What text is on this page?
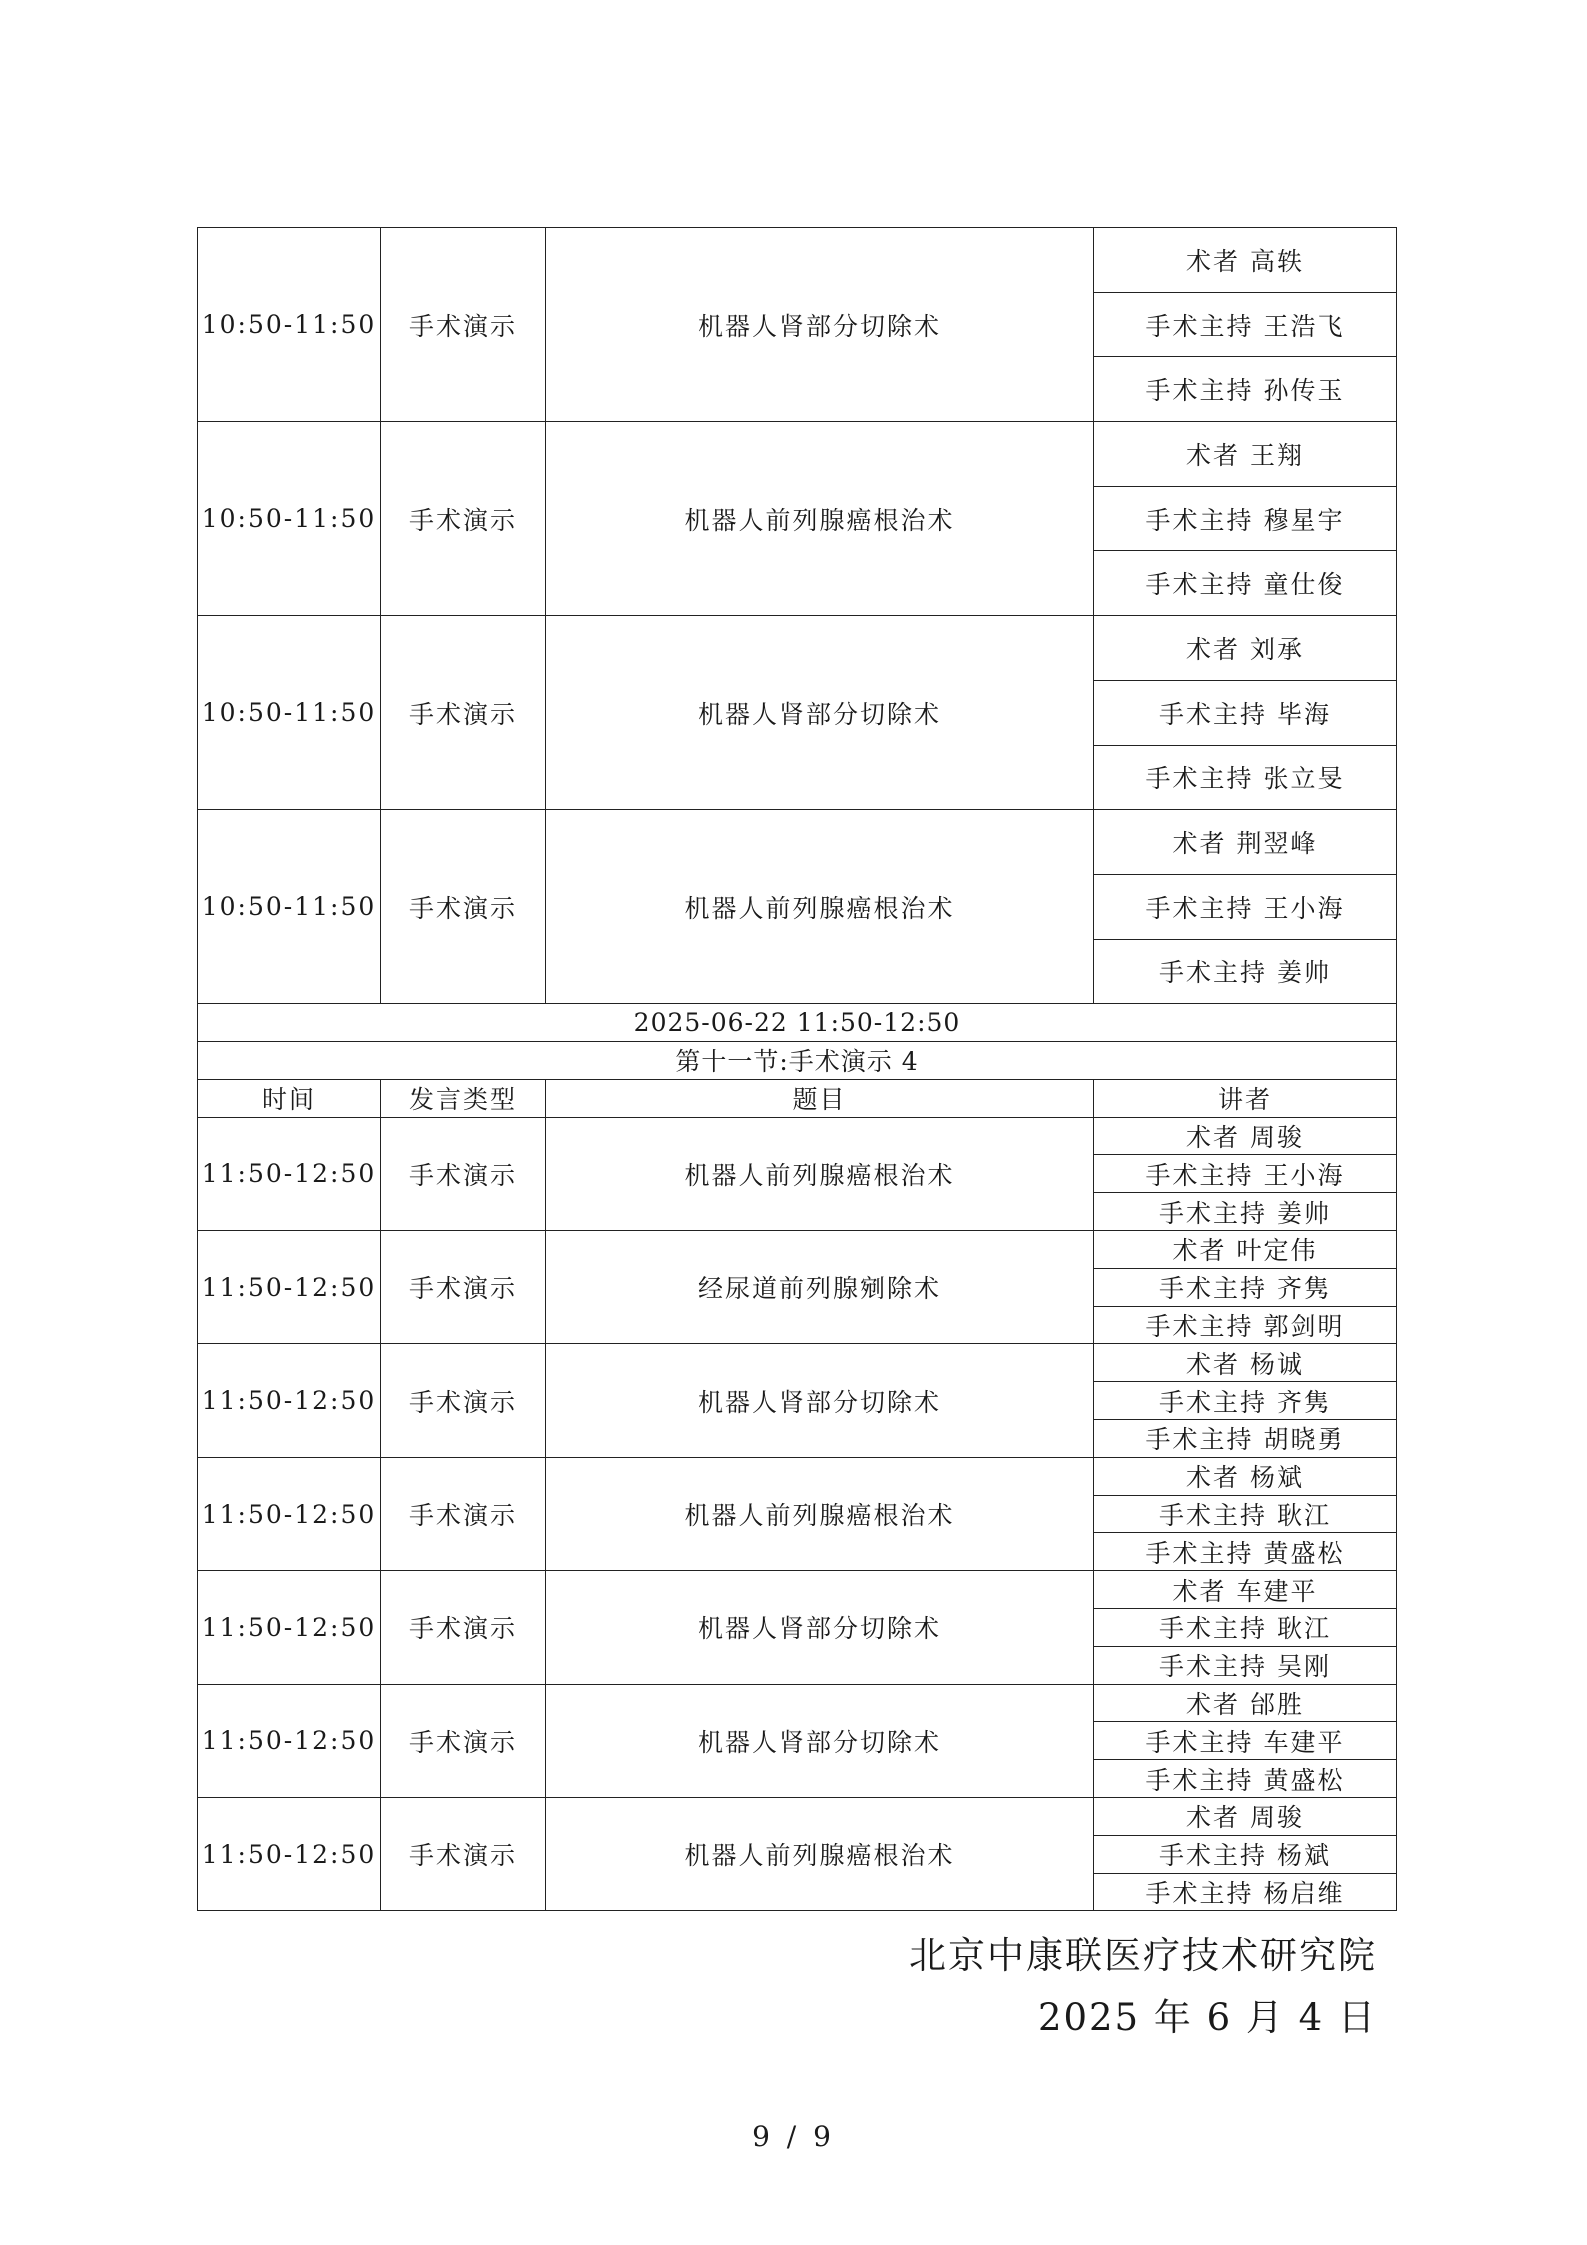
10:50-11:50	手术演示	机器人肾部分切除术	术者 高轶
			手术主持 王浩飞
			手术主持 孙传玉
10:50-11:50	手术演示	机器人前列腺癌根治术	术者 王翔
			手术主持 穆星宇
			手术主持 童仕俊
10:50-11:50	手术演示	机器人肾部分切除术	术者 刘承
			手术主持 毕海
			手术主持 张立旻
10:50-11:50	手术演示	机器人前列腺癌根治术	术者 荆翌峰
			手术主持 王小海
			手术主持 姜帅
2025-06-22 11:50-12:50			
第十一节:手术演示 4			
时间	发言类型	题目	讲者
11:50-12:50	手术演示	机器人前列腺癌根治术	术者 周骏
			手术主持 王小海
			手术主持 姜帅
11:50-12:50	手术演示	经尿道前列腺剜除术	术者 叶定伟
			手术主持 齐隽
			手术主持 郭剑明
11:50-12:50	手术演示	机器人肾部分切除术	术者 杨诚
			手术主持 齐隽
			手术主持 胡晓勇
11:50-12:50	手术演示	机器人前列腺癌根治术	术者 杨斌
			手术主持 耿江
			手术主持 黄盛松
11:50-12:50	手术演示	机器人肾部分切除术	术者 车建平
			手术主持 耿江
			手术主持 吴刚
11:50-12:50	手术演示	机器人肾部分切除术	术者 邰胜
			手术主持 车建平
			手术主持 黄盛松
11:50-12:50	手术演示	机器人前列腺癌根治术	术者 周骏
			手术主持 杨斌
			手术主持 杨启维
北京中康联医疗技术研究院
2025 年 6 月 4 日
9 / 9
